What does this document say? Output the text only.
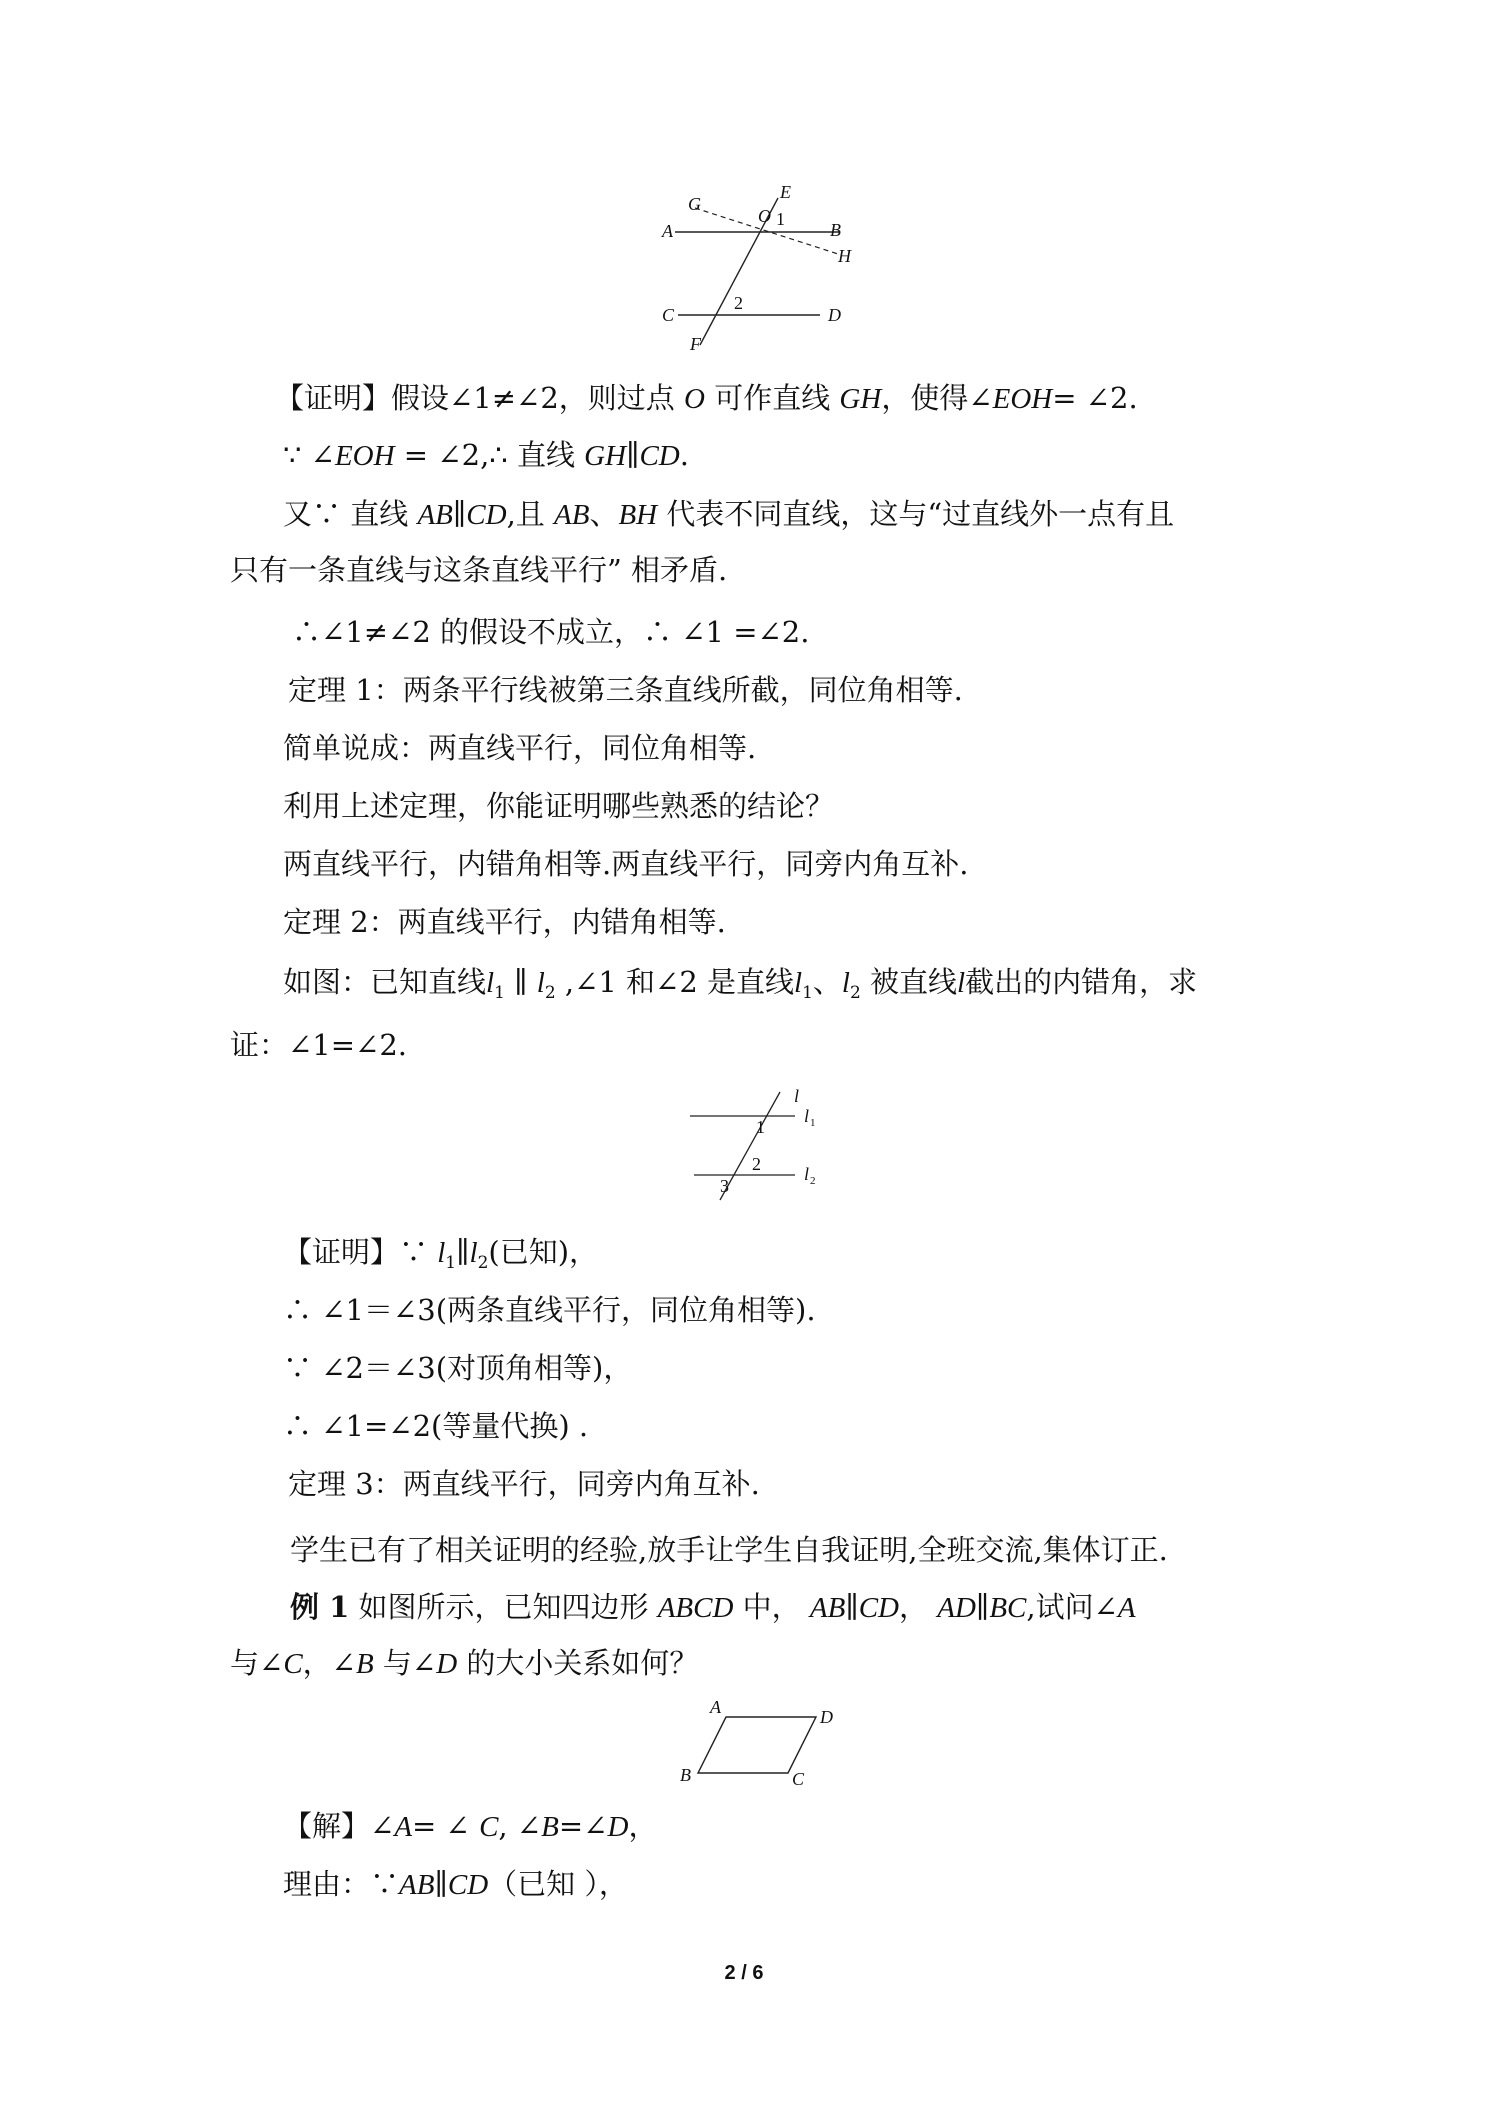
G
O 1
E
A	B
H
2
C	D
F
【证明】假设∠1≠∠2，则过点 O 可作直线 GH，使得∠EOH= ∠2.
∵ ∠EOH = ∠2,∴ 直线 GH∥CD.
又∵ 直线 AB∥CD,且 AB、BH 代表不同直线，这与“过直线外一点有且
只有一条直线与这条直线平行” 相矛盾.
∴∠1≠∠2 的假设不成立，∴ ∠1 =∠2.
定理 1：两条平行线被第三条直线所截，同位角相等.
简单说成：两直线平行，同位角相等.
利用上述定理，你能证明哪些熟悉的结论？
两直线平行，内错角相等.两直线平行，同旁内角互补.
定理 2：两直线平行，内错角相等.
如图：已知直线$l_1$ ∥ $l_2$ ,∠1 和∠2 是直线$l_1$、$l_2$ 被直线l截出的内错角，求
证：∠1=∠2.
l
l 1
l 2
1
2
3
【证明】∵ $l_1\parallel l_2$(已知)，
∴ ∠1＝∠3(两条直线平行，同位角相等).
∵ ∠2＝∠3(对顶角相等)，
∴ ∠1=∠2(等量代换) .
定理 3：两直线平行，同旁内角互补.
学生已有了相关证明的经验,放手让学生自我证明,全班交流,集体订正.
例 1 如图所示，已知四边形 ABCD 中， AB∥CD， AD∥BC,试问∠A
与∠C，∠B 与∠D 的大小关系如何？
A	D
B	C
【解】∠A= ∠ C, ∠B=∠D，
理由：∵AB∥CD（已知 ），
2 / 6
